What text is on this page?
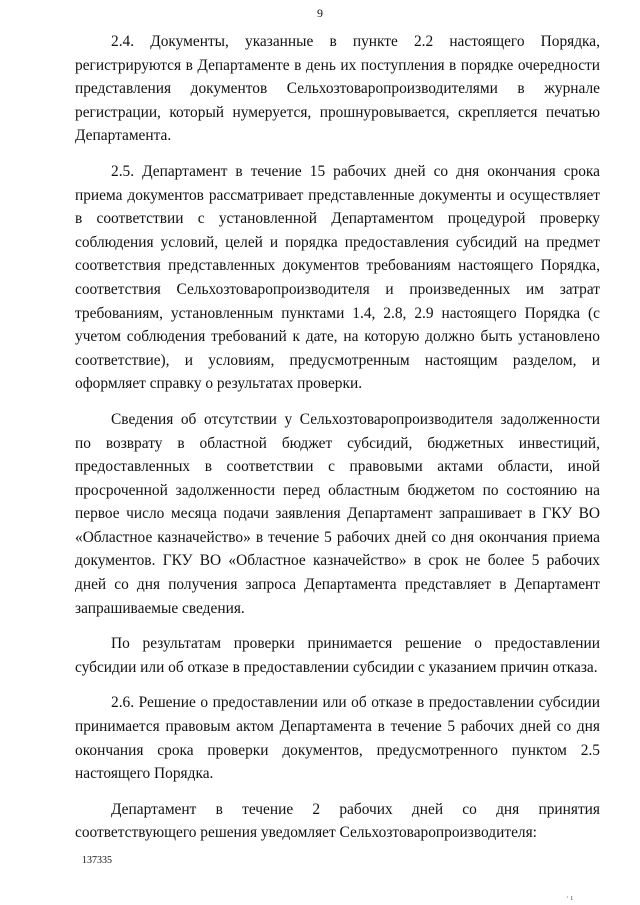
9

2.4. Документы, указанные в пункте 2.2 настоящего Порядка, регистрируются в Департаменте в день их поступления в порядке очередности представления документов Сельхозтоваропроизводителями в журнале регистрации, который нумеруется, прошнуровывается, скрепляется печатью Департамента.

2.5. Департамент в течение 15 рабочих дней со дня окончания срока приема документов рассматривает представленные документы и осуществляет в соответствии с установленной Департаментом процедурой проверку соблюдения условий, целей и порядка предоставления субсидий на предмет соответствия представленных документов требованиям настоящего Порядка, соответствия Сельхозтоваропроизводителя и произведенных им затрат требованиям, установленным пунктами 1.4, 2.8, 2.9 настоящего Порядка (с учетом соблюдения требований к дате, на которую должно быть установлено соответствие), и условиям, предусмотренным настоящим разделом, и оформляет справку о результатах проверки.

Сведения об отсутствии у Сельхозтоваропроизводителя задолженности по возврату в областной бюджет субсидий, бюджетных инвестиций, предоставленных в соответствии с правовыми актами области, иной просроченной задолженности перед областным бюджетом по состоянию на первое число месяца подачи заявления Департамент запрашивает в ГКУ ВО «Областное казначейство» в течение 5 рабочих дней со дня окончания приема документов. ГКУ ВО «Областное казначейство» в срок не более 5 рабочих дней со дня получения запроса Департамента представляет в Департамент запрашиваемые сведения.

По результатам проверки принимается решение о предоставлении субсидии или об отказе в предоставлении субсидии с указанием причин отказа.

2.6. Решение о предоставлении или об отказе в предоставлении субсидии принимается правовым актом Департамента в течение 5 рабочих дней со дня окончания срока проверки документов, предусмотренного пунктом 2.5 настоящего Порядка.

Департамент в течение 2 рабочих дней со дня принятия соответствующего решения уведомляет Сельхозтоваропроизводителя:

137335
· ı
